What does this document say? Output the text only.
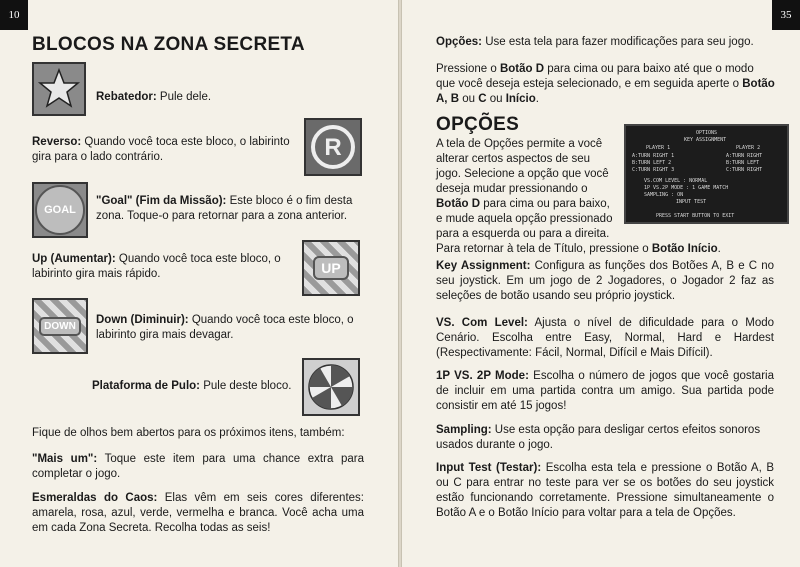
10
BLOCOS NA ZONA SECRETA
Rebatedor: Pule dele.
Reverso: Quando você toca este bloco, o labirinto gira para o lado contrário.	R
GOAL
"Goal" (Fim da Missão): Este bloco é o fim desta zona. Toque-o para retornar para a zona anterior.
Up (Aumentar): Quando você toca este bloco, o labirinto gira mais rápido.	UP
DOWN	Down (Diminuir): Quando você toca este bloco, o labirinto gira mais devagar.
Plataforma de Pulo: Pule deste bloco.
Fique de olhos bem abertos para os próximos itens, também:
"Mais um": Toque este item para uma chance extra para completar o jogo.
Esmeraldas do Caos: Elas vêm em seis cores diferentes: amarela, rosa, azul, verde, vermelha e branca. Você acha uma em cada Zona Secreta. Recolha todas as seis!
35
Opções: Use esta tela para fazer modificações para seu jogo.
Pressione o Botão D para cima ou para baixo até que o modo que você deseja esteja selecionado, e em seguida aperte o Botão A, B ou C ou Início.
OPÇÕES
A tela de Opções permite a você alterar certos aspectos de seu jogo. Selecione a opção que você deseja mudar pressionando o Botão D para cima ou para baixo, e mude aquela opção pressionado para a esquerda ou para a direita. Para retornar à tela de Título, pressione o Botão Início.
OPTIONS
KEY ASSIGNMENT
PLAYER 1	PLAYER 2
A:TURN RIGHT 1
B:TURN LEFT 2
C:TURN RIGHT 3
A:TURN RIGHT
B:TURN LEFT
C:TURN RIGHT
VS.COM LEVEL : NORMAL
1P VS.2P MODE : 1 GAME MATCH
SAMPLING : ON
INPUT TEST
PRESS START BUTTON TO EXIT
Key Assignment: Configura as funções dos Botões A, B e C no seu joystick. Em um jogo de 2 Jogadores, o Jogador 2 faz as seleções de botão usando seu próprio joystick.
VS. Com Level: Ajusta o nível de dificuldade para o Modo Cenário. Escolha entre Easy, Normal, Hard e Hardest (Respectivamente: Fácil, Normal, Difícil e Mais Difícil).
1P VS. 2P Mode: Escolha o número de jogos que você gostaria de incluir em uma partida contra um amigo. Sua partida pode consistir em até 15 jogos!
Sampling: Use esta opção para desligar certos efeitos sonoros usados durante o jogo.
Input Test (Testar): Escolha esta tela e pressione o Botão A, B ou C para entrar no teste para ver se os botões do seu joystick estão funcionando corretamente. Pressione simultaneamente o Botão A e o Botão Início para voltar para a tela de Opções.
